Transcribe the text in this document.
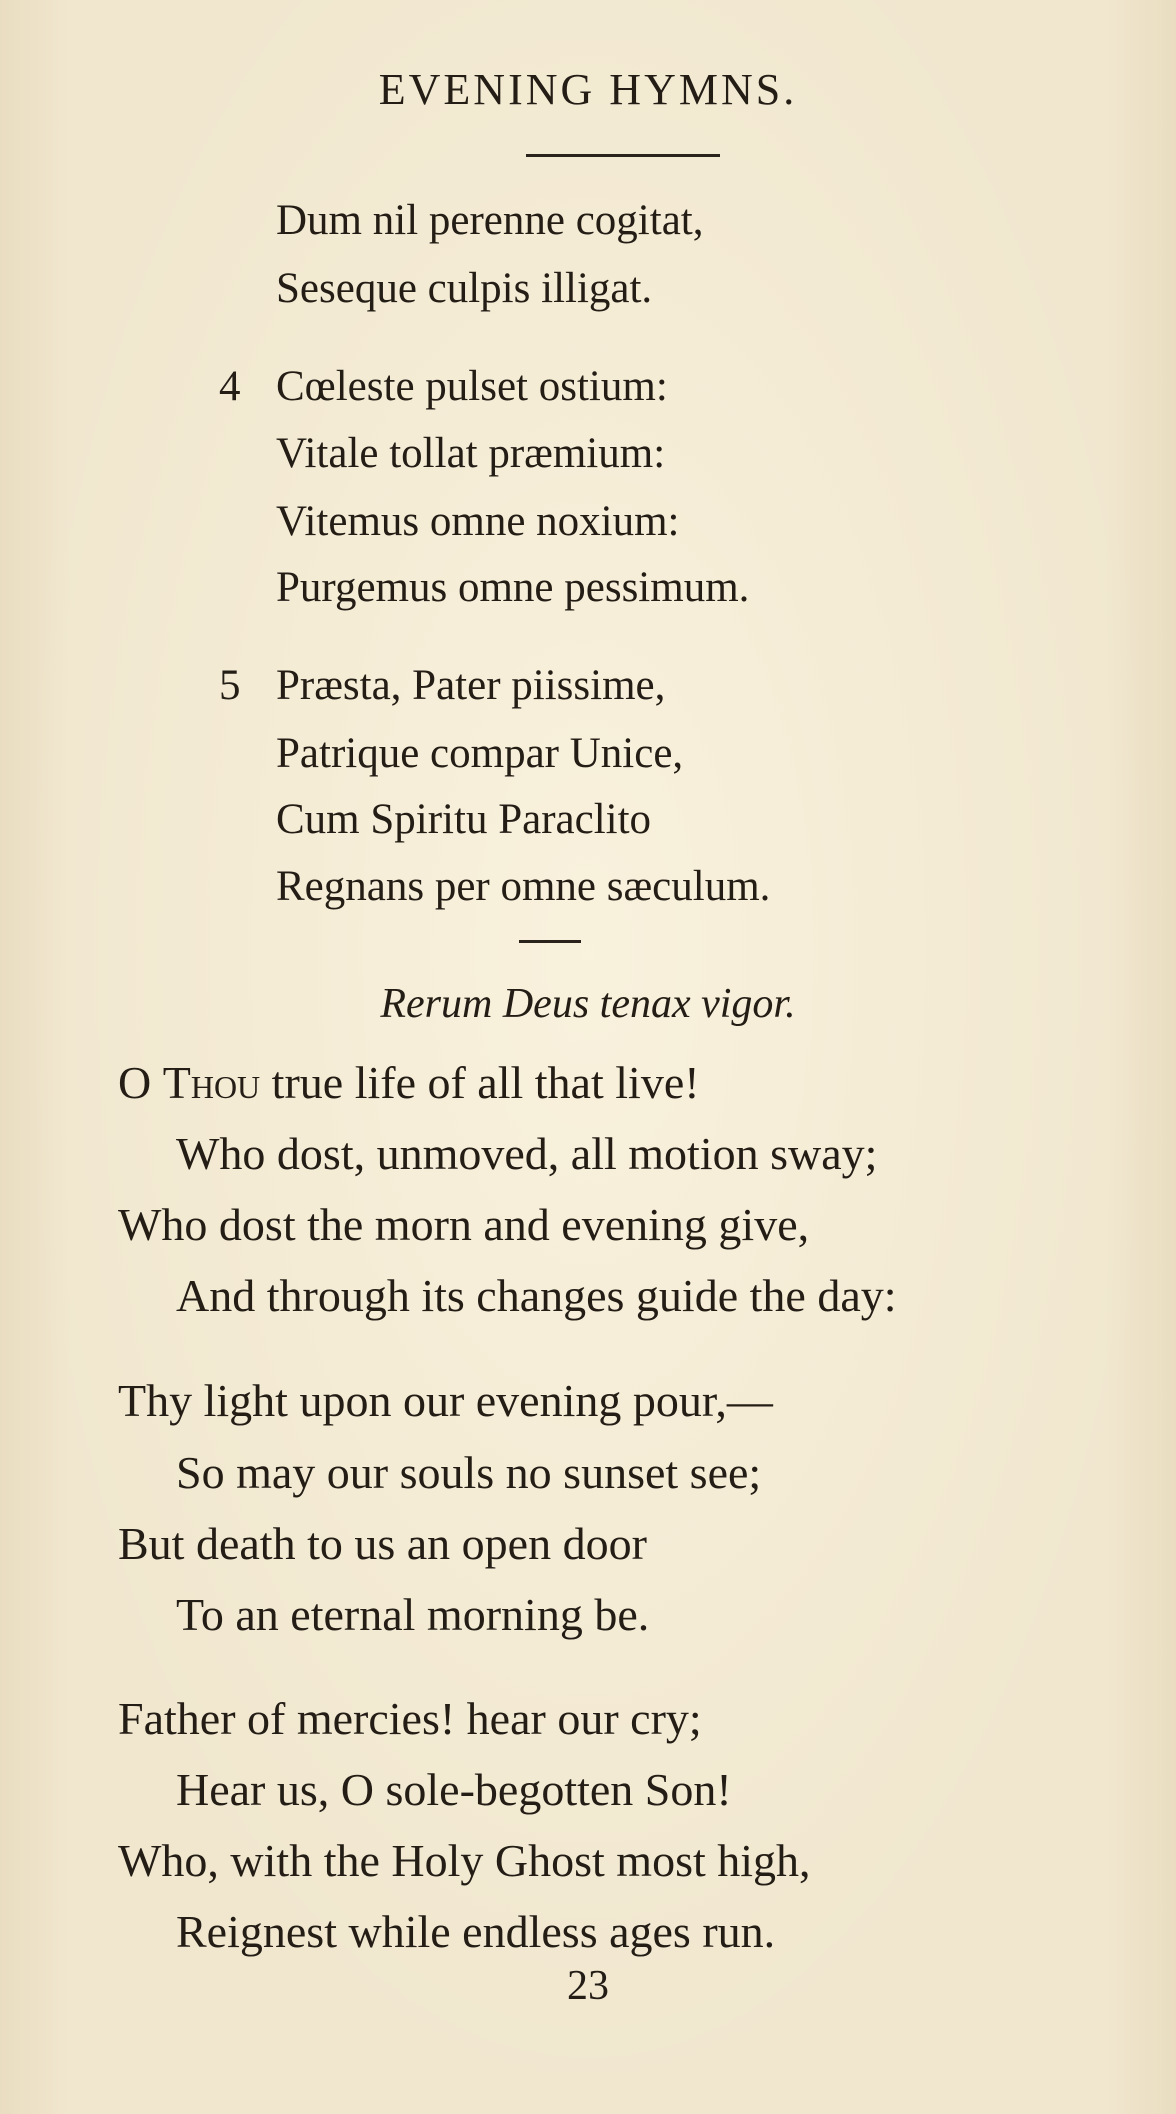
EVENING HYMNS.
Dum nil perenne cogitat,
Seseque culpis illigat.
4 Cœleste pulset ostium:
Vitale tollat præmium:
Vitemus omne noxium:
Purgemus omne pessimum.
5 Præsta, Pater piissime,
Patrique compar Unice,
Cum Spiritu Paraclito
Regnans per omne sæculum.
Rerum Deus tenax vigor.
O Thou true life of all that live!
Who dost, unmoved, all motion sway;
Who dost the morn and evening give,
And through its changes guide the day:
Thy light upon our evening pour,—
So may our souls no sunset see;
But death to us an open door
To an eternal morning be.
Father of mercies! hear our cry;
Hear us, O sole-begotten Son!
Who, with the Holy Ghost most high,
Reignest while endless ages run.
23
